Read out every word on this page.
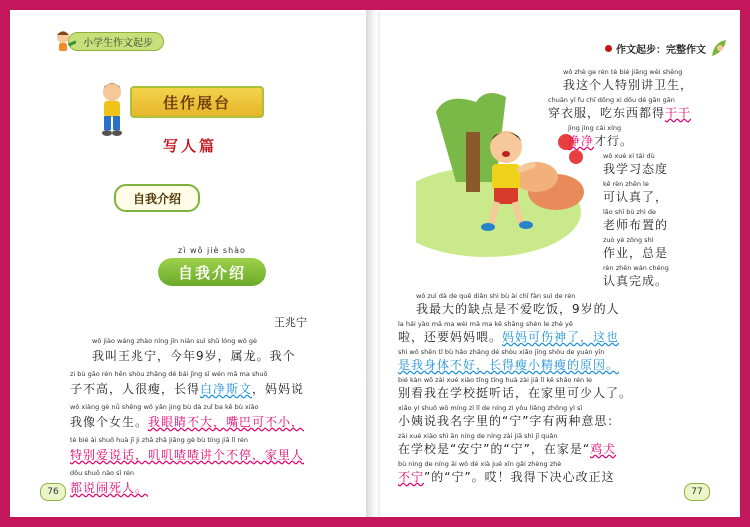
小学生作文起步
佳作展台
写人篇
自我介绍
zì wǒ jiè shào
自我介绍
王兆宁
wǒ jiào wáng zhào níng jīn nián suì shǔ lóng wǒ gè
我叫王兆宁，今年9岁，属龙。我个
zi bù gāo rén hěn shòu zhǎng dé bái jìng sī wén mā ma shuō
子不高，人很瘦，长得白净斯文，妈妈说
wǒ xiàng gè nǚ shēng wǒ yǎn jing bù dà zuǐ ba kě bù xiǎo
我像个女生。我眼睛不大，嘴巴可不小，
tè bié ài shuō huà jī ji zhā zhā jiǎng gè bù tíng jiā lǐ rén
特别爱说话，叽叽喳喳讲个不停，家里人
dōu shuō nào sǐ rén
都说闹死人。
76
作文起步：完整作文
wǒ zhè ge rén tè bié jiǎng wèi shēng
我这个人特别讲卫生，
chuān yī fu chī dōng xi dōu dé gān gān
穿衣服，吃东西都得干干
jìng jìng cái xíng
净净才行。
wǒ xué xí tài dù
我学习态度
kě rèn zhēn le
可认真了，
lǎo shī bù zhì de
老师布置的
zuò yè zǒng shì
作业，总是
rèn zhēn wán chéng
认真完成。
wǒ zuì dà de quē diǎn shì bù ài chī fàn suì de rén
我最大的缺点是不爱吃饭，9岁的人
la hái yào mā ma wèi mā ma kě shāng shén le zhè yě
啦，还要妈妈喂。妈妈可伤神了，这也
shì wǒ shēn tǐ bù hǎo zhǎng dé shòu xiǎo jīng shòu de yuán yīn
是我身体不好，长得瘦小精瘦的原因。
bié kàn wǒ zài xué xiào tǐng tīng huà zài jiā lǐ kě shǎo rén le
别看我在学校挺听话，在家里可少人了。
xiǎo yí shuō wǒ míng zì lǐ de níng zì yǒu liǎng zhǒng yì sī
小姨说我名字里的“宁”字有两种意思：
zài xué xiào shì ān níng de níng zài jiā shì jī quǎn
在学校是“安宁”的“宁”，在家是“鸡犬
bù níng de níng āi wǒ dé xià jué xīn gǎi zhèng zhè
不宁”的“宁”。哎！我得下决心改正这
77
